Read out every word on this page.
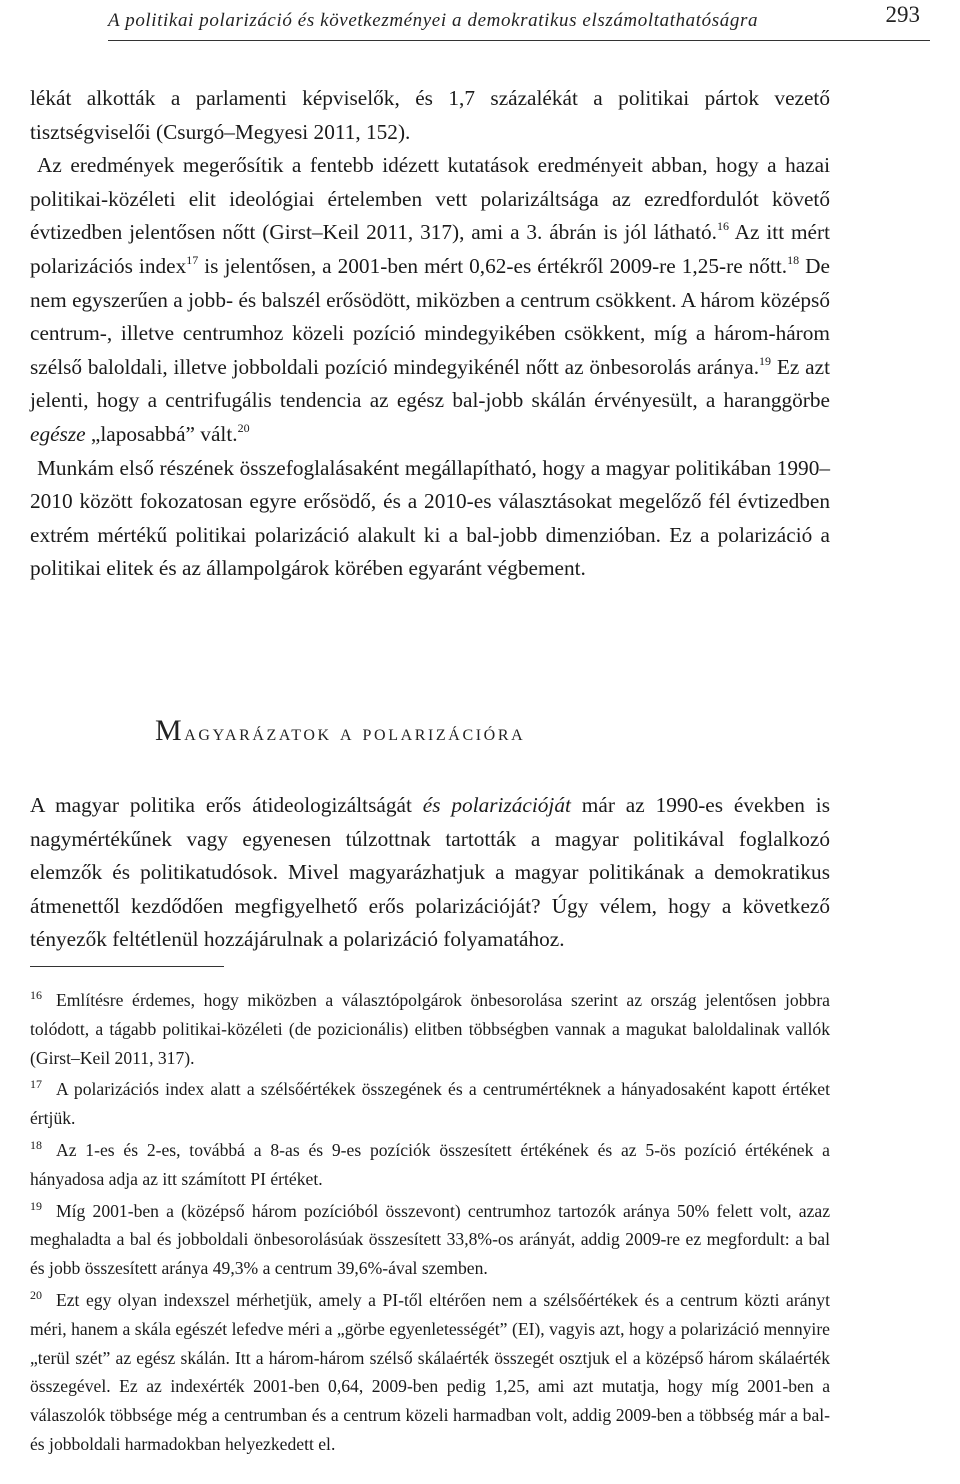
A politikai polarizáció és következményei a demokratikus elszámoltathatóságra	293

lékát alkották a parlamenti képviselők, és 1,7 százalékát a politikai pártok vezető tisztségviselői (Csurgó–Megyesi 2011, 152).

Az eredmények megerősítik a fentebb idézett kutatások eredményeit abban, hogy a hazai politikai-közéleti elit ideológiai értelemben vett polarizáltsága az ezredfordulót követő évtizedben jelentősen nőtt (Girst–Keil 2011, 317), ami a 3. ábrán is jól látható.$^{16}$ Az itt mért polarizációs index$^{17}$ is jelentősen, a 2001-ben mért 0,62-es értékről 2009-re 1,25-re nőtt.$^{18}$ De nem egyszerűen a jobb- és balszél erősödött, miközben a centrum csökkent. A három középső centrum-, illetve centrumhoz közeli pozíció mindegyikében csökkent, míg a három-három szélső baloldali, illetve jobboldali pozíció mindegyikénél nőtt az önbesorolás aránya.$^{19}$ Ez azt jelenti, hogy a centrifugális tendencia az egész bal-jobb skálán érvényesült, a haranggörbe egésze „laposabbá” vált.$^{20}$

Munkám első részének összefoglalásaként megállapítható, hogy a magyar politikában 1990–2010 között fokozatosan egyre erősödő, és a 2010-es választásokat megelőző fél évtizedben extrém mértékű politikai polarizáció alakult ki a bal-jobb dimenzióban. Ez a polarizáció a politikai elitek és az állampolgárok körében egyaránt végbement.

Magyarázatok a polarizációra

A magyar politika erős átideologizáltságát és polarizációját már az 1990-es években is nagymértékűnek vagy egyenesen túlzottnak tartották a magyar politikával foglalkozó elemzők és politikatudósok. Mivel magyarázhatjuk a magyar politikának a demokratikus átmenettől kezdődően megfigyelhető erős polarizációját? Úgy vélem, hogy a következő tényezők feltétlenül hozzájárulnak a polarizáció folyamatához.

$^{16}$ Említésre érdemes, hogy miközben a választópolgárok önbesorolása szerint az ország jelentősen jobbra tolódott, a tágabb politikai-közéleti (de pozicionális) elitben többségben vannak a magukat baloldalinak vallók (Girst–Keil 2011, 317).

$^{17}$ A polarizációs index alatt a szélsőértékek összegének és a centrumértéknek a hányadosaként kapott értéket értjük.

$^{18}$ Az 1-es és 2-es, továbbá a 8-as és 9-es pozíciók összesített értékének és az 5-ös pozíció értékének a hányadosa adja az itt számított PI értéket.

$^{19}$ Míg 2001-ben a (középső három pozícióból összevont) centrumhoz tartozók aránya 50% felett volt, azaz meghaladta a bal és jobboldali önbesorolásúak összesített 33,8%-os arányát, addig 2009-re ez megfordult: a bal és jobb összesített aránya 49,3% a centrum 39,6%-ával szemben.

$^{20}$ Ezt egy olyan indexszel mérhetjük, amely a PI-től eltérően nem a szélsőértékek és a centrum közti arányt méri, hanem a skála egészét lefedve méri a „görbe egyenletességét” (EI), vagyis azt, hogy a polarizáció mennyire „terül szét” az egész skálán. Itt a három-három szélső skálaérték összegét osztjuk el a középső három skálaérték összegével. Ez az indexérték 2001-ben 0,64, 2009-ben pedig 1,25, ami azt mutatja, hogy míg 2001-ben a válaszolók többsége még a centrumban és a centrum közeli harmadban volt, addig 2009-ben a többség már a bal- és jobboldali harmadokban helyezkedett el.
